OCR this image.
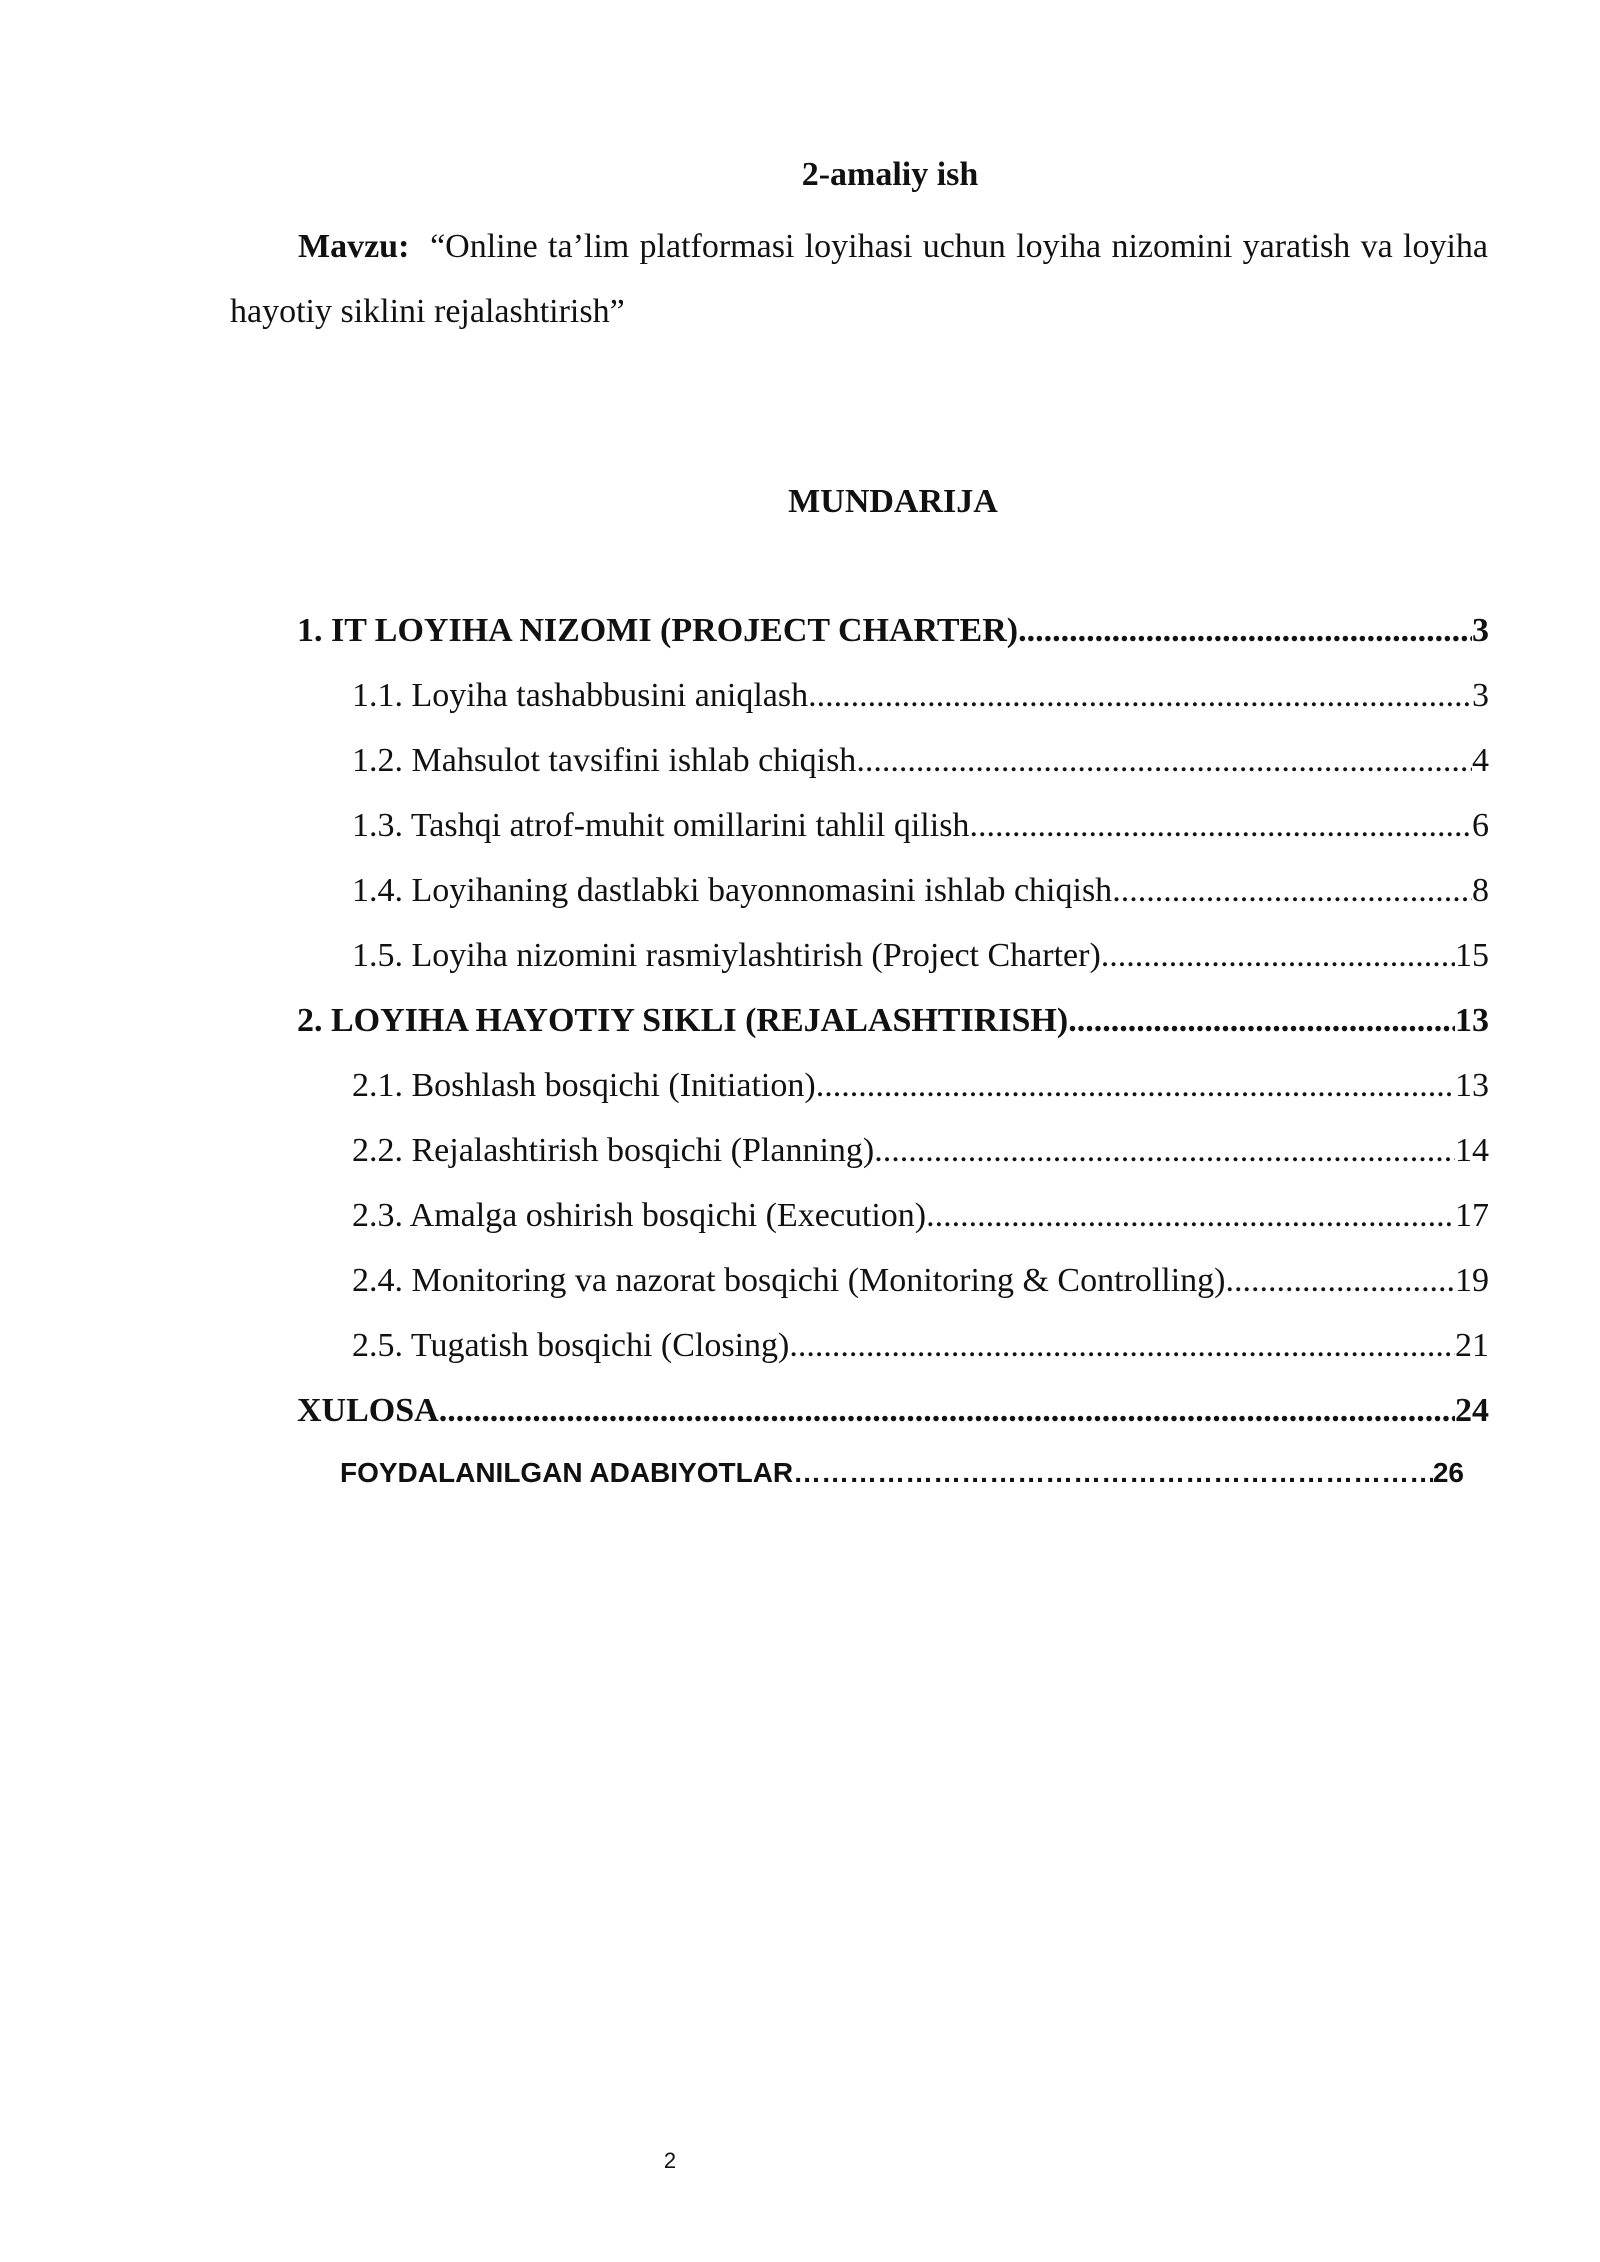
2-amaliy ish
Mavzu: “Online ta’lim platformasi loyihasi uchun loyiha nizomini yaratish va loyiha hayotiy siklini rejalashtirish”
MUNDARIJA
1. IT LOYIHA NIZOMI (PROJECT CHARTER) .....	3
1.1. Loyiha tashabbusini aniqlash .....	3
1.2. Mahsulot tavsifini ishlab chiqish .....	4
1.3. Tashqi atrof-muhit omillarini tahlil qilish .....	6
1.4. Loyihaning dastlabki bayonnomasini ishlab chiqish .....	8
1.5. Loyiha nizomini rasmiylashtirish (Project Charter) .....	15
2. LOYIHA HAYOTIY SIKLI (REJALASHTIRISH) .....	13
2.1. Boshlash bosqichi (Initiation) .....	13
2.2. Rejalashtirish bosqichi (Planning) .....	14
2.3. Amalga oshirish bosqichi (Execution) .....	17
2.4. Monitoring va nazorat bosqichi (Monitoring & Controlling) .....	19
2.5. Tugatish bosqichi (Closing) .....	21
XULOSA .....	24
FOYDALANILGAN ADABIYOTLAR ……………………………………………………………………………………………………………………………………………………………………	26
2
